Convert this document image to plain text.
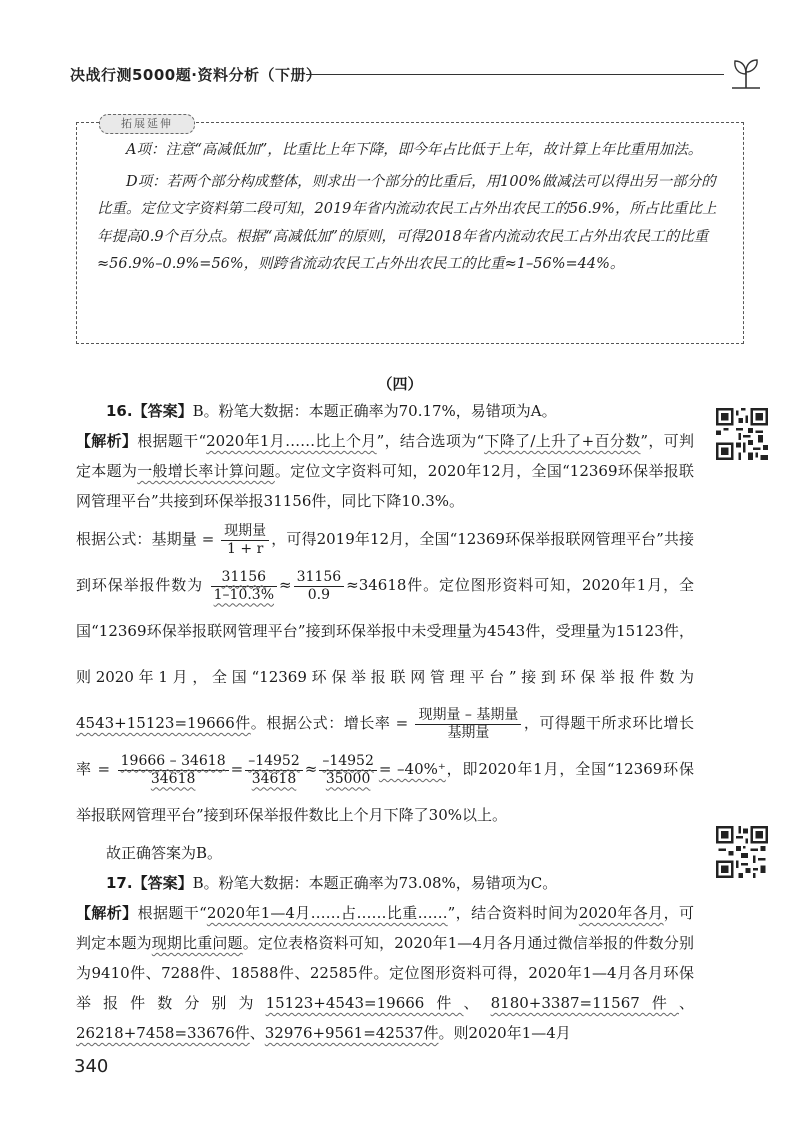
决战行测5000题·资料分析（下册）
拓展延伸

A项：注意“高减低加”，比重比上年下降，即今年占比低于上年，故计算上年比重用加法。

D项：若两个部分构成整体，则求出一个部分的比重后，用100%做减法可以得出另一部分的比重。定位文字资料第二段可知，2019年省内流动农民工占外出农民工的56.9%，所占比重比上年提高0.9个百分点。根据“高减低加”的原则，可得2018年省内流动农民工占外出农民工的比重≈56.9%–0.9%=56%，则跨省流动农民工占外出农民工的比重≈1–56%=44%。

（四）

16.【答案】B。粉笔大数据：本题正确率为70.17%，易错项为A。

【解析】根据题干“2020年1月……比上个月”，结合选项为“下降了/上升了+百分数”，可判定本题为一般增长率计算问题。定位文字资料可知，2020年12月，全国“12369环保举报联网管理平台”共接到环保举报31156件，同比下降10.3%。

根据公式：基期量 = $\frac{\text{现期量}}{1 + r}$ ，可得2019年12月，全国“12369环保举报联网管理平台”共接到环保举报件数为 $\frac{31156}{1-10.3\%} \approx \frac{31156}{0.9} \approx 34618$件。定位图形资料可知，2020年1月，全国“12369环保举报联网管理平台”接到环保举报中未受理量为4543件，受理量为15123件，则2020年1月，全国“12369环保举报联网管理平台”接到环保举报件数为4543+15123=19666件。根据公式：增长率 = $\frac{\text{现期量 – 基期量}}{\text{基期量}}$ ，可得题干所求环比增长率 = $\frac{19666 - 34618}{34618} = \frac{-14952}{34618} \approx \frac{-14952}{35000} = -40\%^+$，即2020年1月，全国“12369环保举报联网管理平台”接到环保举报件数比上个月下降了30%以上。

故正确答案为B。

17.【答案】B。粉笔大数据：本题正确率为73.08%，易错项为C。

【解析】根据题干“2020年1—4月……占……比重……”，结合资料时间为2020年各月，可判定本题为现期比重问题。定位表格资料可知，2020年1—4月各月通过微信举报的件数分别为9410件、7288件、18588件、22585件。定位图形资料可得，2020年1—4月各月环保举报件数分别为15123+4543=19666件、8180+3387=11567件、26218+7458=33676件、32976+9561=42537件。则2020年1—4月

340
